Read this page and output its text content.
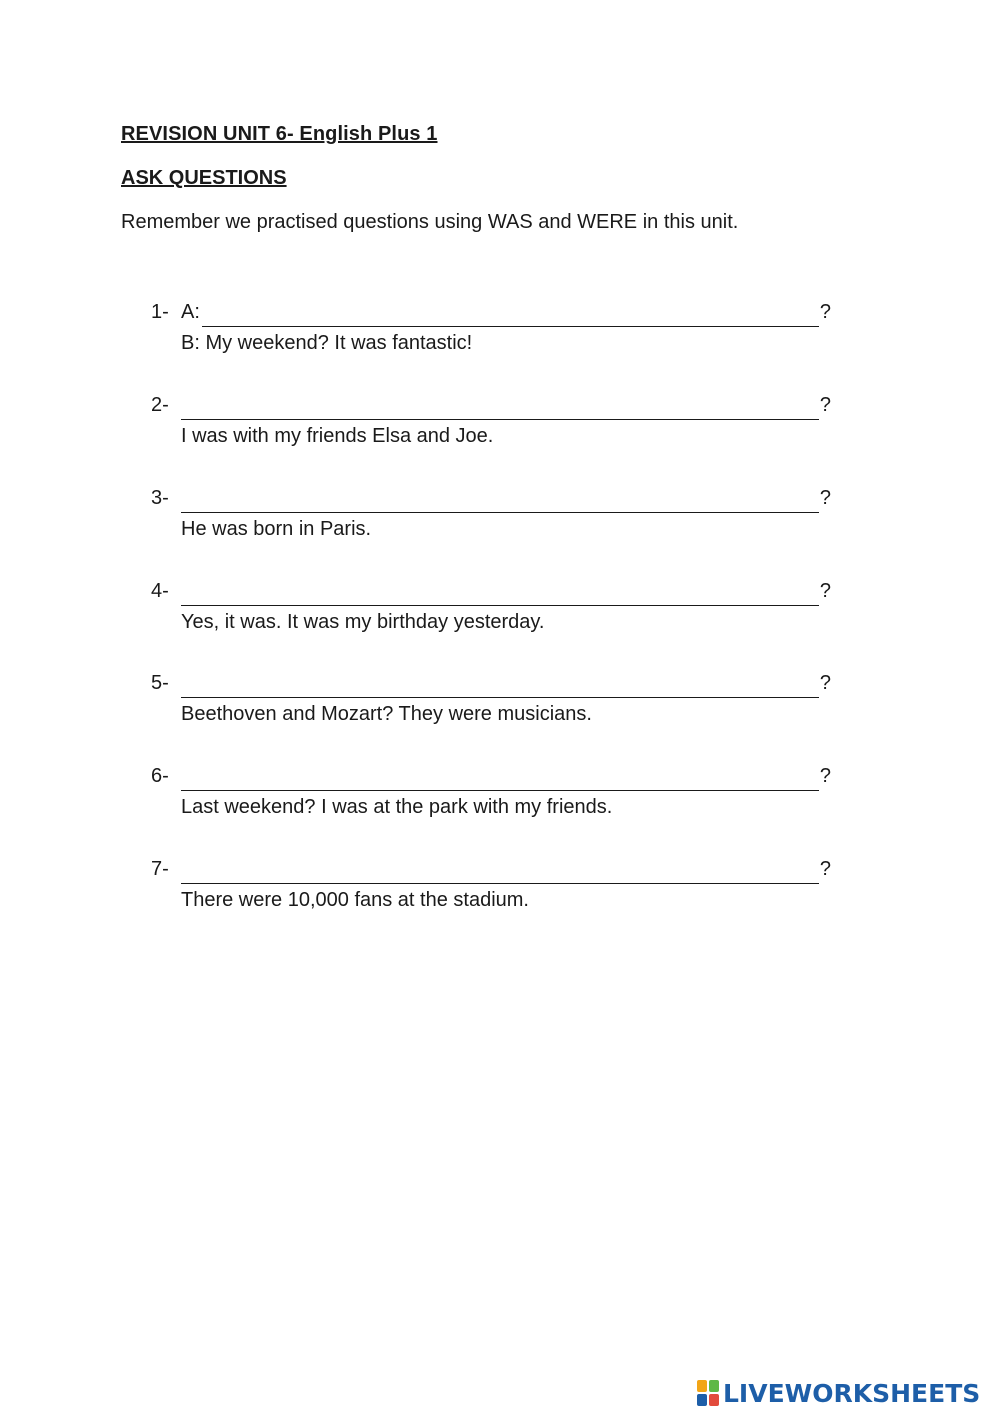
REVISION UNIT 6- English Plus 1
ASK QUESTIONS
Remember we practised questions using WAS and WERE in this unit.
1- A:	?
B: My weekend? It was fantastic!
2-	?
I was with my friends Elsa and Joe.
3-	?
He was born in Paris.
4-	?
Yes, it was. It was my birthday yesterday.
5-	?
Beethoven and Mozart? They were musicians.
6-	?
Last weekend? I was at the park with my friends.
7-	?
There were 10,000 fans at the stadium.
LIVEWORKSHEETS
